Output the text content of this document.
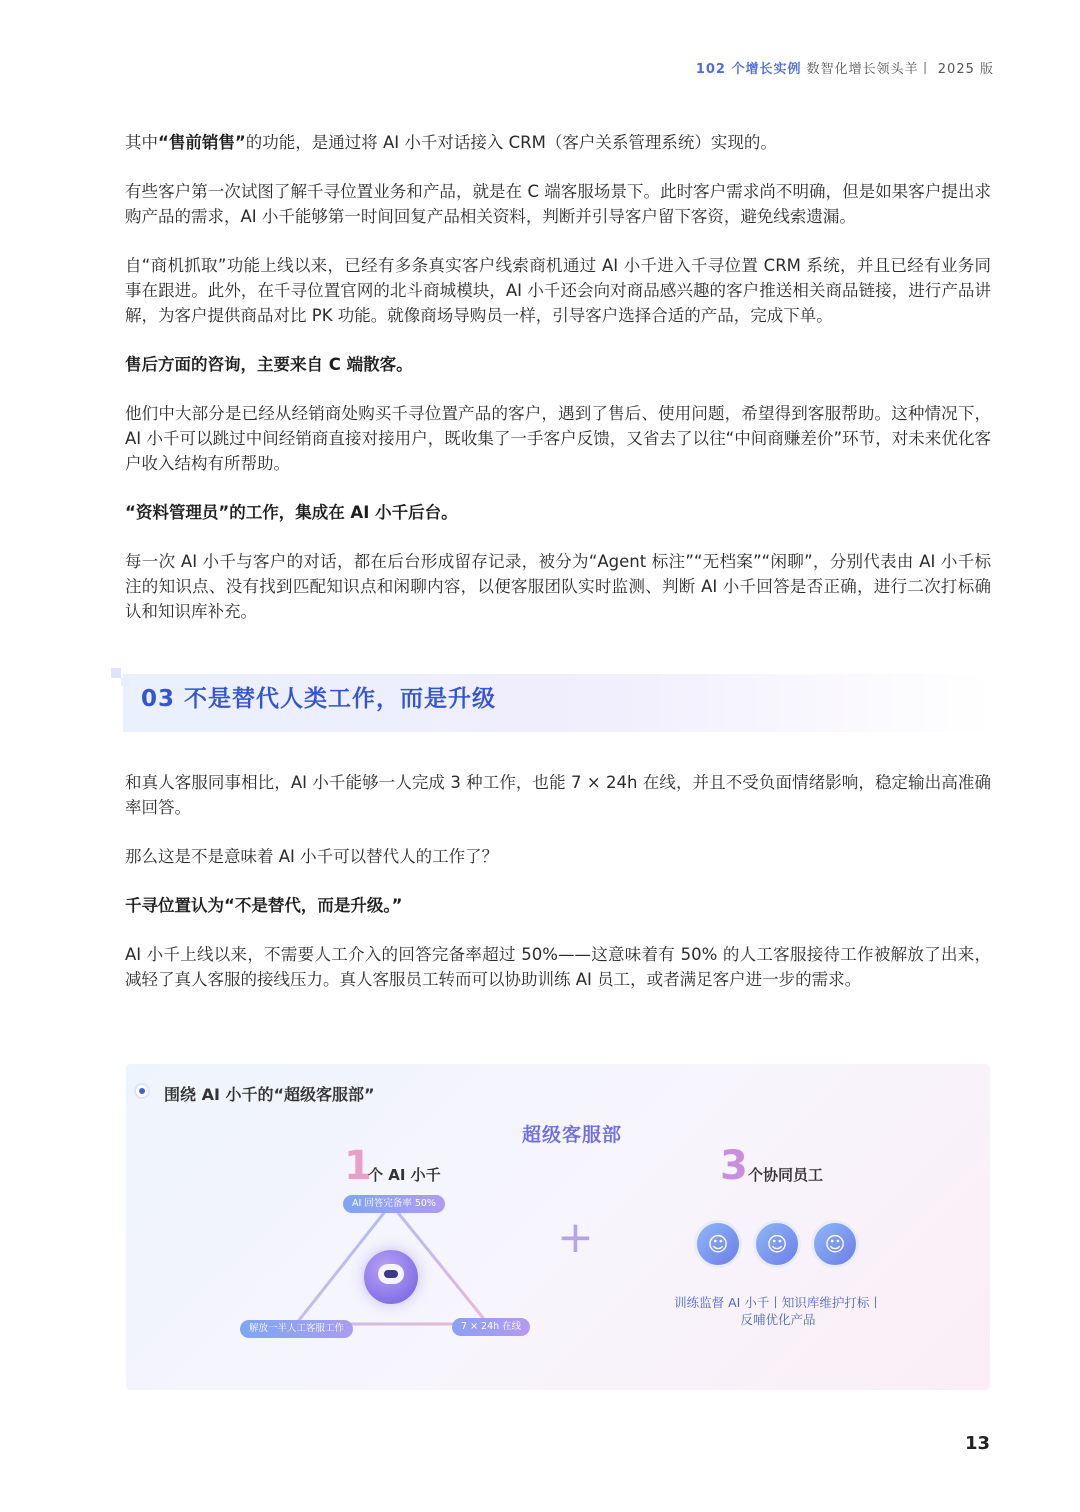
102 个增长实例 数智化增长领头羊丨 2025 版

其中“售前销售”的功能，是通过将 AI 小千对话接入 CRM（客户关系管理系统）实现的。

有些客户第一次试图了解千寻位置业务和产品，就是在 C 端客服场景下。此时客户需求尚不明确，但是如果客户提出求购产品的需求，AI 小千能够第一时间回复产品相关资料，判断并引导客户留下客资，避免线索遗漏。

自“商机抓取”功能上线以来，已经有多条真实客户线索商机通过 AI 小千进入千寻位置 CRM 系统，并且已经有业务同事在跟进。此外，在千寻位置官网的北斗商城模块，AI 小千还会向对商品感兴趣的客户推送相关商品链接，进行产品讲解，为客户提供商品对比 PK 功能。就像商场导购员一样，引导客户选择合适的产品，完成下单。

售后方面的咨询，主要来自 C 端散客。

他们中大部分是已经从经销商处购买千寻位置产品的客户，遇到了售后、使用问题，希望得到客服帮助。这种情况下，AI 小千可以跳过中间经销商直接对接用户，既收集了一手客户反馈，又省去了以往“中间商赚差价”环节，对未来优化客户收入结构有所帮助。

“资料管理员”的工作，集成在 AI 小千后台。

每一次 AI 小千与客户的对话，都在后台形成留存记录，被分为“Agent 标注”“无档案”“闲聊”，分别代表由 AI 小千标注的知识点、没有找到匹配知识点和闲聊内容，以便客服团队实时监测、判断 AI 小千回答是否正确，进行二次打标确认和知识库补充。

03 不是替代人类工作，而是升级

和真人客服同事相比，AI 小千能够一人完成 3 种工作，也能 7 × 24h 在线，并且不受负面情绪影响，稳定输出高准确率回答。

那么这是不是意味着 AI 小千可以替代人的工作了？

千寻位置认为“不是替代，而是升级。”

AI 小千上线以来，不需要人工介入的回答完备率超过 50%——这意味着有 50% 的人工客服接待工作被解放了出来，减轻了真人客服的接线压力。真人客服员工转而可以协助训练 AI 员工，或者满足客户进一步的需求。

围绕 AI 小千的“超级客服部”
超级客服部
1
个 AI 小千
AI 回答完备率 50%
解放一半人工客服工作	7 × 24h 在线
+
3 个协同员工
☺	☺	☺
训练监督 AI 小千丨知识库维护打标丨
反哺优化产品
13
